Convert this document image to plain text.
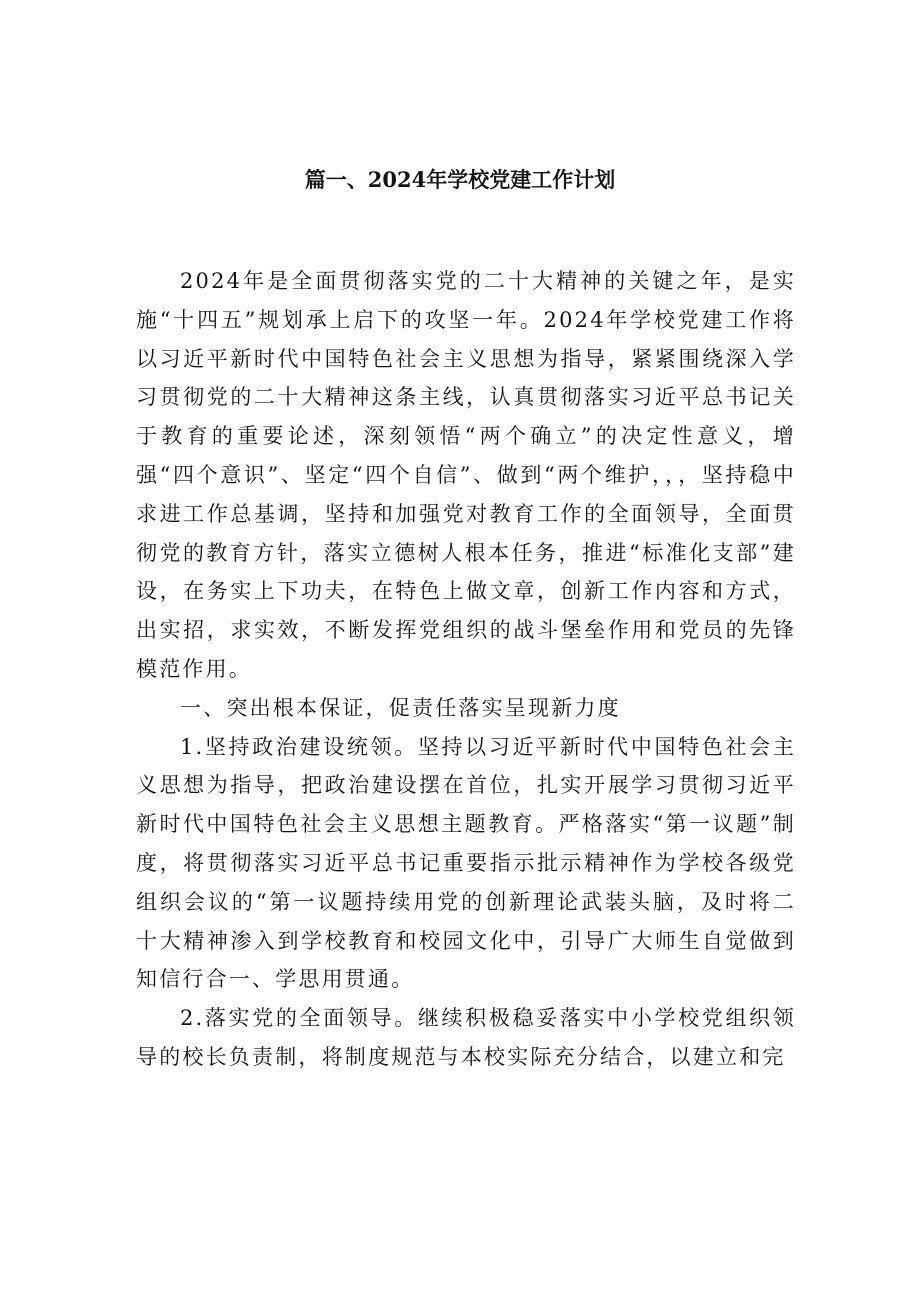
篇一、2024年学校党建工作计划

2024年是全面贯彻落实党的二十大精神的关键之年，是实施“十四五”规划承上启下的攻坚一年。2024年学校党建工作将以习近平新时代中国特色社会主义思想为指导，紧紧围绕深入学习贯彻党的二十大精神这条主线，认真贯彻落实习近平总书记关于教育的重要论述，深刻领悟“两个确立”的决定性意义，增强“四个意识”、坚定“四个自信”、做到“两个维护，，，坚持稳中求进工作总基调，坚持和加强党对教育工作的全面领导，全面贯彻党的教育方针，落实立德树人根本任务，推进“标准化支部”建设，在务实上下功夫，在特色上做文章，创新工作内容和方式，出实招，求实效，不断发挥党组织的战斗堡垒作用和党员的先锋模范作用。

一、突出根本保证，促责任落实呈现新力度

1.坚持政治建设统领。坚持以习近平新时代中国特色社会主义思想为指导，把政治建设摆在首位，扎实开展学习贯彻习近平新时代中国特色社会主义思想主题教育。严格落实“第一议题”制度，将贯彻落实习近平总书记重要指示批示精神作为学校各级党组织会议的“第一议题持续用党的创新理论武装头脑，及时将二十大精神渗入到学校教育和校园文化中，引导广大师生自觉做到知信行合一、学思用贯通。

2.落实党的全面领导。继续积极稳妥落实中小学校党组织领导的校长负责制，将制度规范与本校实际充分结合，以建立和完
